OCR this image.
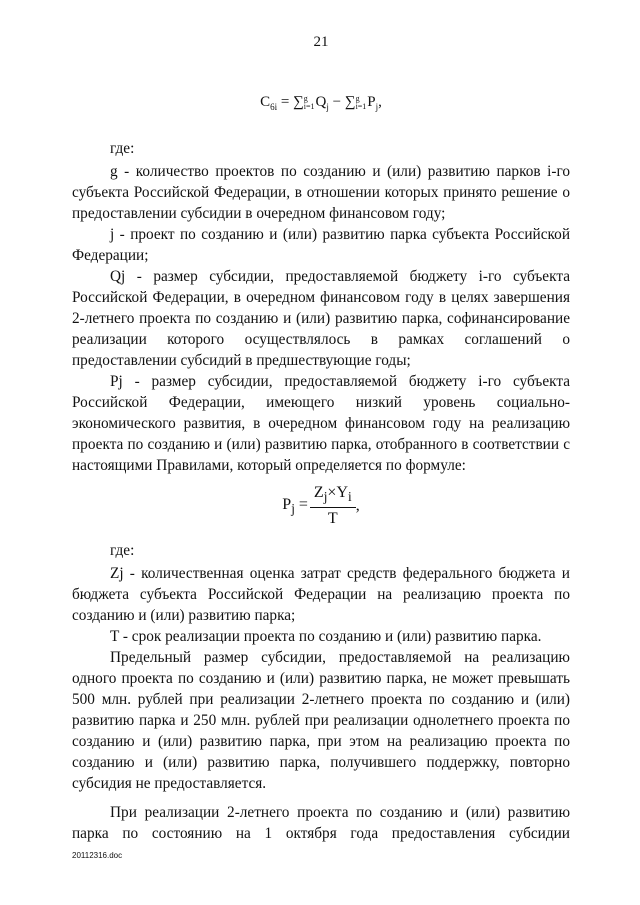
21
$C_{6i} = \sum g$
$i=1Q_j - \sum g$
$i=1P_j$,
где:

g - количество проектов по созданию и (или) развитию парков i-го субъекта Российской Федерации, в отношении которых принято решение о предоставлении субсидии в очередном финансовом году;

j - проект по созданию и (или) развитию парка субъекта Российской Федерации;

Qj - размер субсидии, предоставляемой бюджету i-го субъекта Российской Федерации, в очередном финансовом году в целях завершения 2-летнего проекта по созданию и (или) развитию парка, софинансирование реализации которого осуществлялось в рамках соглашений о предоставлении субсидий в предшествующие годы;

Pj - размер субсидии, предоставляемой бюджету i-го субъекта Российской Федерации, имеющего низкий уровень социально-экономического развития, в очередном финансовом году на реализацию проекта по созданию и (или) развитию парка, отобранного в соответствии с настоящими Правилами, который определяется по формуле:

$P_j = \frac{Z_j\times Y_i}{T}$ ,
где:

Zj - количественная оценка затрат средств федерального бюджета и бюджета субъекта Российской Федерации на реализацию проекта по созданию и (или) развитию парка;

T - срок реализации проекта по созданию и (или) развитию парка.

Предельный размер субсидии, предоставляемой на реализацию одного проекта по созданию и (или) развитию парка, не может превышать 500 млн. рублей при реализации 2-летнего проекта по созданию и (или) развитию парка и 250 млн. рублей при реализации однолетнего проекта по созданию и (или) развитию парка, при этом на реализацию проекта по созданию и (или) развитию парка, получившего поддержку, повторно субсидия не предоставляется.

При реализации 2-летнего проекта по созданию и (или) развитию парка по состоянию на 1 октября года предоставления субсидии

20112316.doc
